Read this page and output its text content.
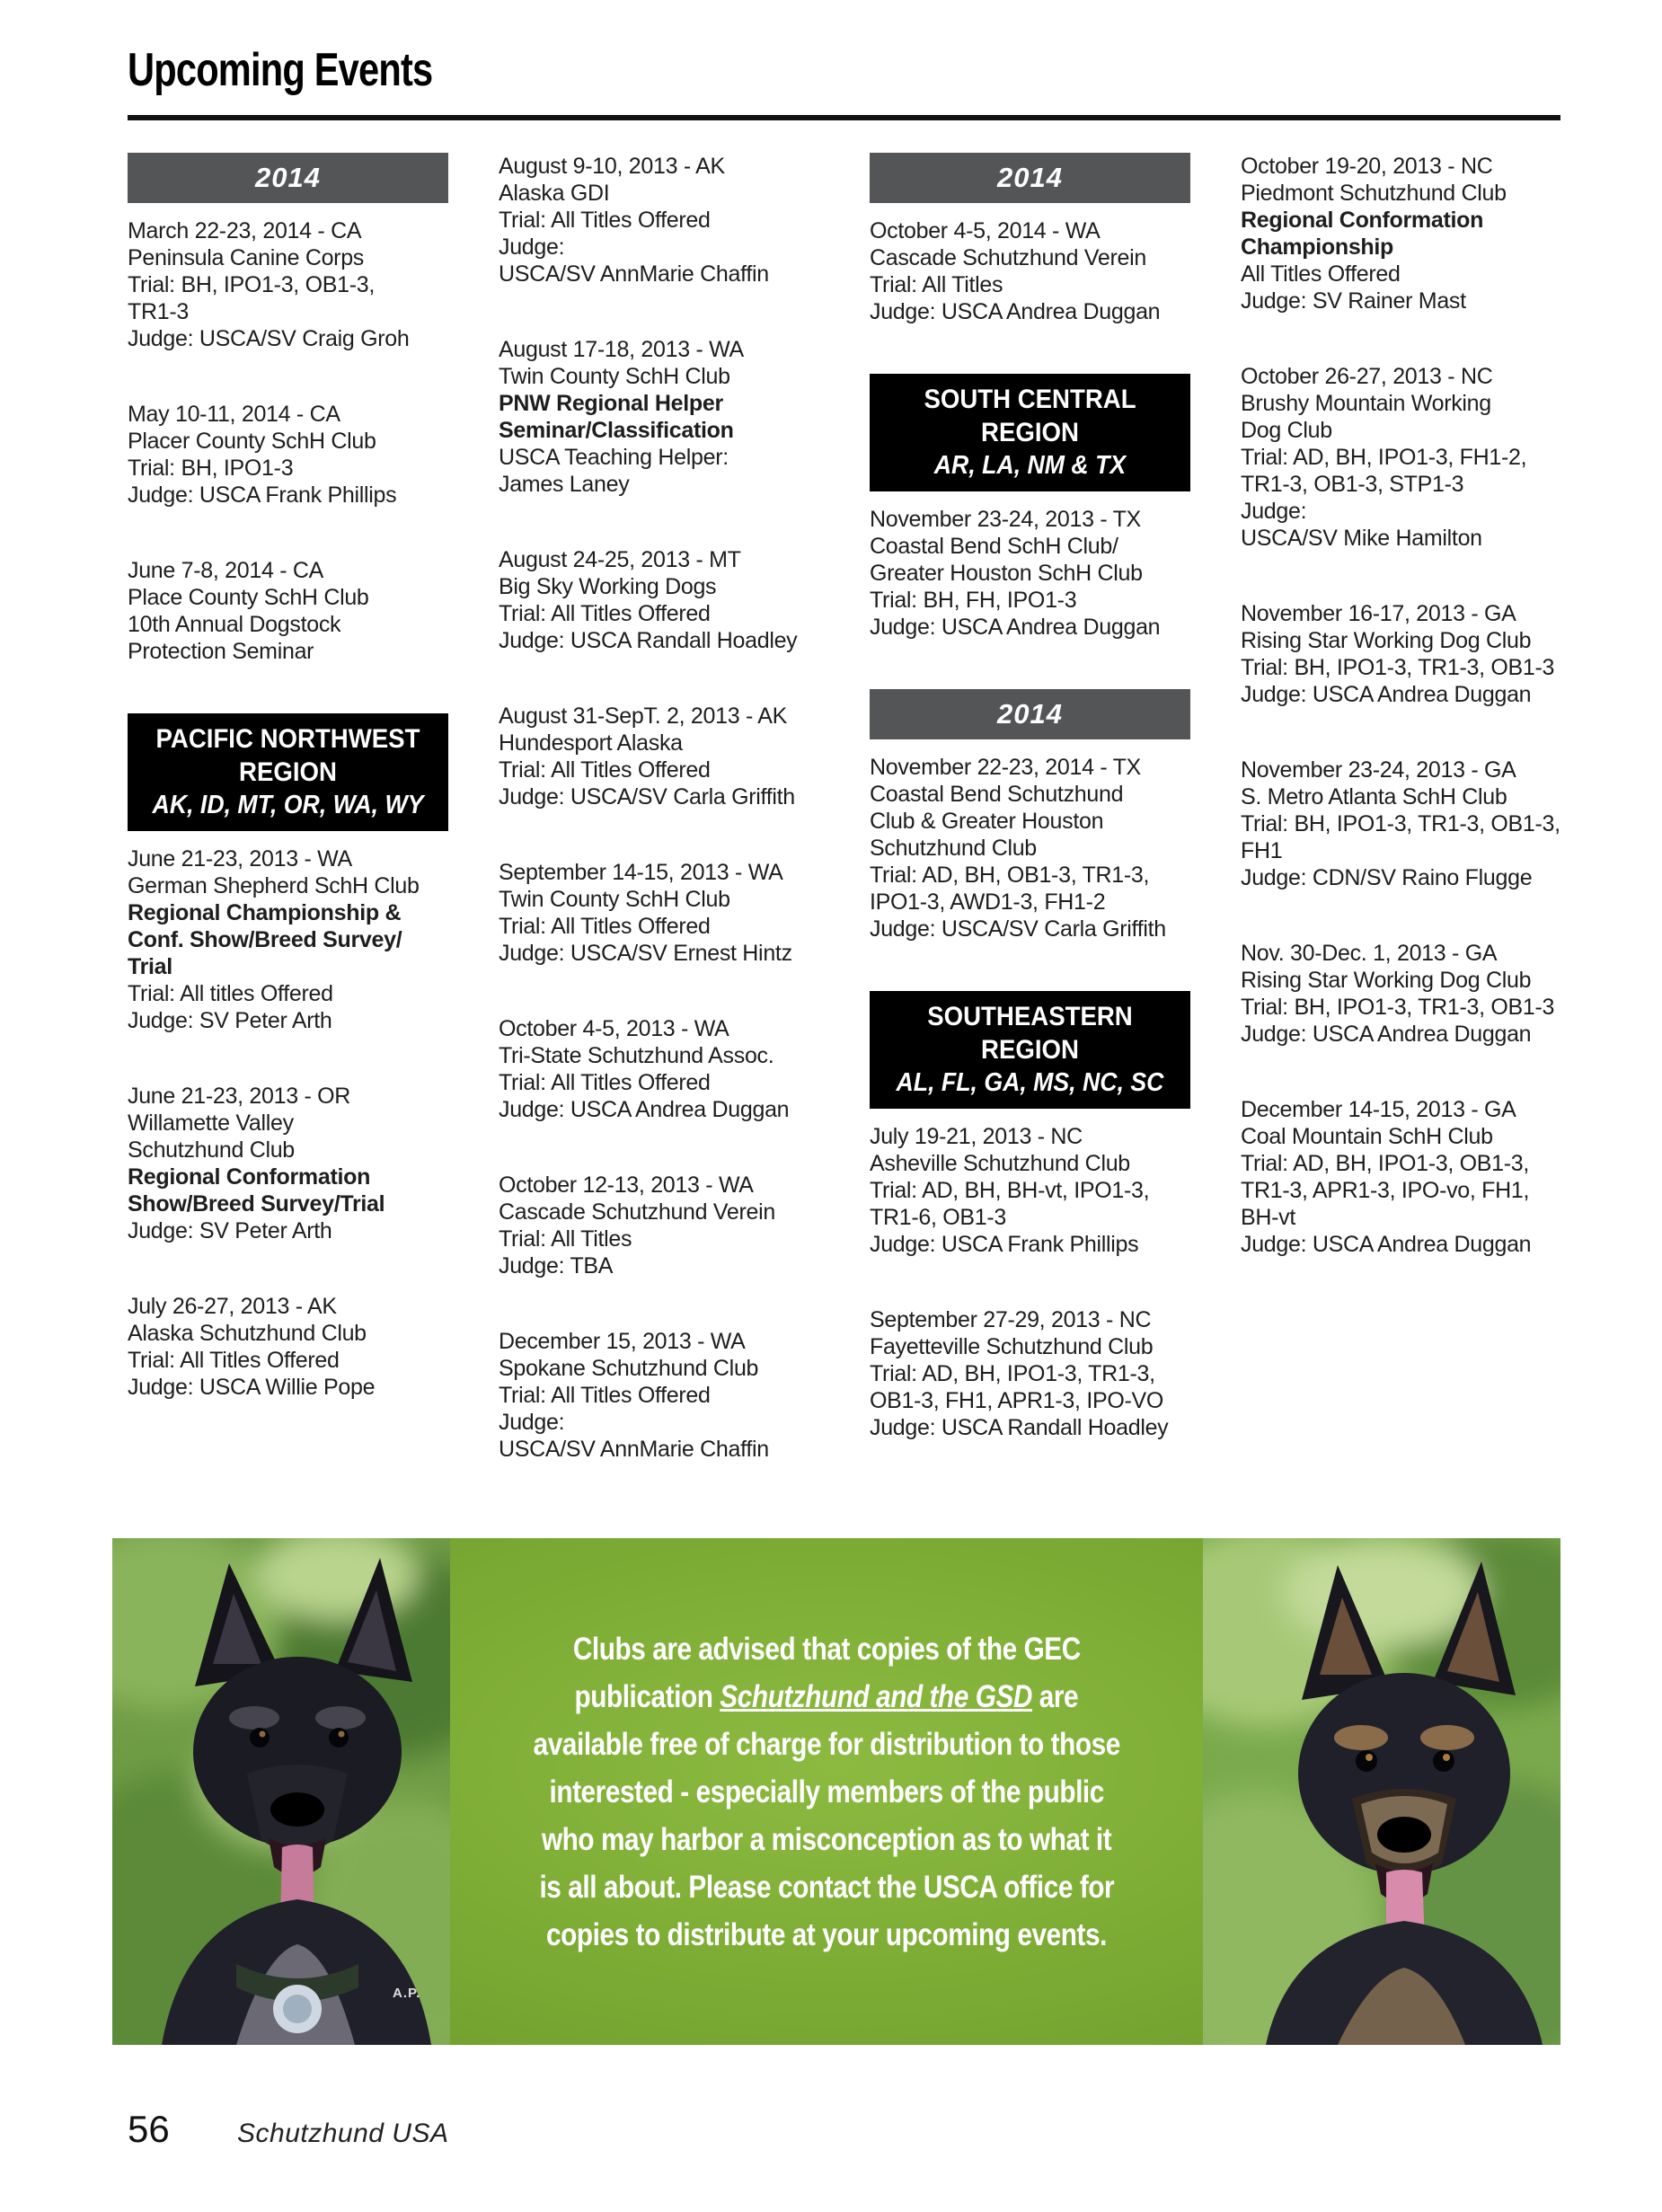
Upcoming Events
2014
March 22-23, 2014 - CA
Peninsula Canine Corps
Trial: BH, IPO1-3, OB1-3,
TR1-3
Judge: USCA/SV Craig Groh
May 10-11, 2014 - CA
Placer County SchH Club
Trial: BH, IPO1-3
Judge: USCA Frank Phillips
June 7-8, 2014 - CA
Place County SchH Club
10th Annual Dogstock
Protection Seminar
PACIFIC NORTHWEST
REGION
AK, ID, MT, OR, WA, WY
June 21-23, 2013 - WA
German Shepherd SchH Club
Regional Championship &
Conf. Show/Breed Survey/
Trial
Trial: All titles Offered
Judge: SV Peter Arth
June 21-23, 2013 - OR
Willamette Valley
Schutzhund Club
Regional Conformation
Show/Breed Survey/Trial
Judge: SV Peter Arth
July 26-27, 2013 - AK
Alaska Schutzhund Club
Trial: All Titles Offered
Judge: USCA Willie Pope
August 9-10, 2013 - AK
Alaska GDI
Trial: All Titles Offered
Judge:
USCA/SV AnnMarie Chaffin
August 17-18, 2013 - WA
Twin County SchH Club
PNW Regional Helper
Seminar/Classification
USCA Teaching Helper:
James Laney
August 24-25, 2013 - MT
Big Sky Working Dogs
Trial: All Titles Offered
Judge: USCA Randall Hoadley
August 31-SepT. 2, 2013 - AK
Hundesport Alaska
Trial: All Titles Offered
Judge: USCA/SV Carla Griffith
September 14-15, 2013 - WA
Twin County SchH Club
Trial: All Titles Offered
Judge: USCA/SV Ernest Hintz
October 4-5, 2013 - WA
Tri-State Schutzhund Assoc.
Trial: All Titles Offered
Judge: USCA Andrea Duggan
October 12-13, 2013 - WA
Cascade Schutzhund Verein
Trial: All Titles
Judge: TBA
December 15, 2013 - WA
Spokane Schutzhund Club
Trial: All Titles Offered
Judge:
USCA/SV AnnMarie Chaffin
2014
October 4-5, 2014 - WA
Cascade Schutzhund Verein
Trial: All Titles
Judge: USCA Andrea Duggan
SOUTH CENTRAL
REGION
AR, LA, NM & TX
November 23-24, 2013 - TX
Coastal Bend SchH Club/
Greater Houston SchH Club
Trial: BH, FH, IPO1-3
Judge: USCA Andrea Duggan
2014
November 22-23, 2014 - TX
Coastal Bend Schutzhund
Club & Greater Houston
Schutzhund Club
Trial: AD, BH, OB1-3, TR1-3,
IPO1-3, AWD1-3, FH1-2
Judge: USCA/SV Carla Griffith
SOUTHEASTERN
REGION
AL, FL, GA, MS, NC, SC
July 19-21, 2013 - NC
Asheville Schutzhund Club
Trial: AD, BH, BH-vt, IPO1-3,
TR1-6, OB1-3
Judge: USCA Frank Phillips
September 27-29, 2013 - NC
Fayetteville Schutzhund Club
Trial: AD, BH, IPO1-3, TR1-3,
OB1-3, FH1, APR1-3, IPO-VO
Judge: USCA Randall Hoadley
October 19-20, 2013 - NC
Piedmont Schutzhund Club
Regional Conformation
Championship
All Titles Offered
Judge: SV Rainer Mast
October 26-27, 2013 - NC
Brushy Mountain Working
Dog Club
Trial: AD, BH, IPO1-3, FH1-2,
TR1-3, OB1-3, STP1-3
Judge:
USCA/SV Mike Hamilton
November 16-17, 2013 - GA
Rising Star Working Dog Club
Trial: BH, IPO1-3, TR1-3, OB1-3
Judge: USCA Andrea Duggan
November 23-24, 2013 - GA
S. Metro Atlanta SchH Club
Trial: BH, IPO1-3, TR1-3, OB1-3,
FH1
Judge: CDN/SV Raino Flugge
Nov. 30-Dec. 1, 2013 - GA
Rising Star Working Dog Club
Trial: BH, IPO1-3, TR1-3, OB1-3
Judge: USCA Andrea Duggan
December 14-15, 2013 - GA
Coal Mountain SchH Club
Trial: AD, BH, IPO1-3, OB1-3,
TR1-3, APR1-3, IPO-vo, FH1,
BH-vt
Judge: USCA Andrea Duggan
A.P.
Clubs are advised that copies of the GEC
publication Schutzhund and the GSD are
available free of charge for distribution to those
interested - especially members of the public
who may harbor a misconception as to what it
is all about. Please contact the USCA office for
copies to distribute at your upcoming events.
56	Schutzhund USA
